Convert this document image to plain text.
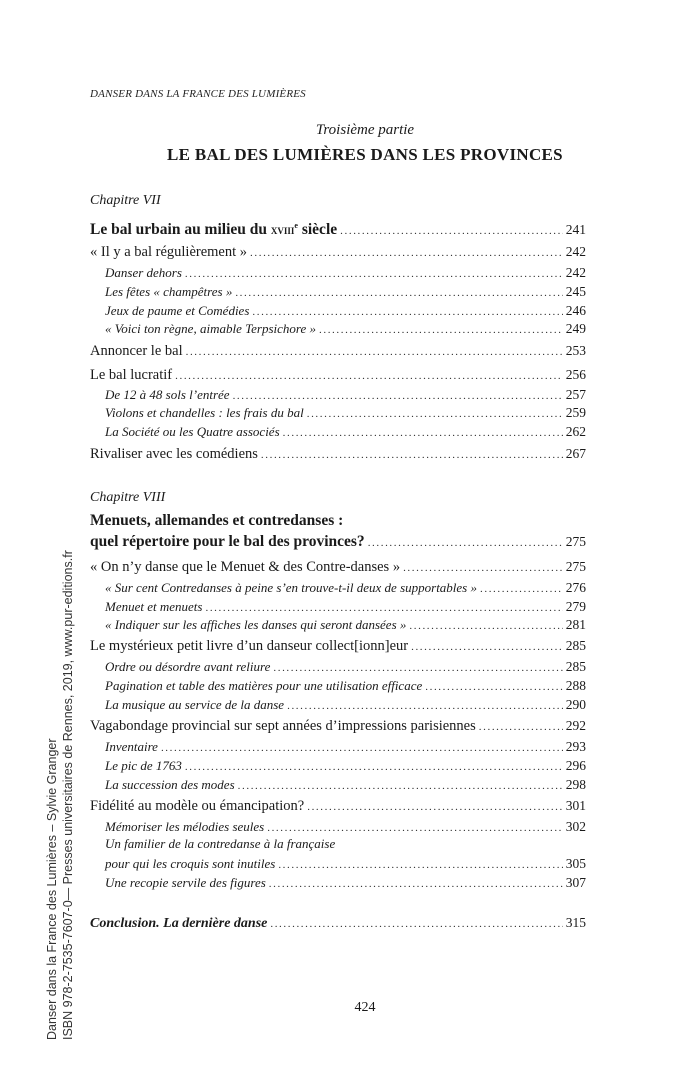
DANSER DANS LA FRANCE DES LUMIÈRES
Troisième partie
LE BAL DES LUMIÈRES DANS LES PROVINCES
Chapitre VII
Le bal urbain au milieu du xviii$^e$ siècle .....	241
« Il y a bal régulièrement » .....	242
Danser dehors .....	242
Les fêtes « champêtres » .....	245
Jeux de paume et Comédies .....	246
« Voici ton règne, aimable Terpsichore » .....	249
Annoncer le bal .....	253
Le bal lucratif .....	256
De 12 à 48 sols l’entrée .....	257
Violons et chandelles : les frais du bal .....	259
La Société ou les Quatre associés .....	262
Rivaliser avec les comédiens .....	267
Chapitre VIII
Menuets, allemandes et contredanses :
quel répertoire pour le bal des provinces? .....	275
« On n’y danse que le Menuet & des Contre-danses » .....	275
« Sur cent Contredanses à peine s’en trouve-t-il deux de supportables » .....	276
Menuet et menuets .....	279
« Indiquer sur les affiches les danses qui seront dansées » .....	281
Le mystérieux petit livre d’un danseur collect[ionn]eur .....	285
Ordre ou désordre avant reliure .....	285
Pagination et table des matières pour une utilisation efficace .....	288
La musique au service de la danse .....	290
Vagabondage provincial sur sept années d’impressions parisiennes .....	292
Inventaire .....	293
Le pic de 1763 .....	296
La succession des modes .....	298
Fidélité au modèle ou émancipation? .....	301
Mémoriser les mélodies seules .....	302
Un familier de la contredanse à la française
pour qui les croquis sont inutiles .....	305
Une recopie servile des figures .....	307
Conclusion. La dernière danse .....	315
424
Danser dans la France des Lumières – Sylvie Granger ISBN 978-2-7535-7607-0— Presses universitaires de Rennes, 2019, www.pur-editions.fr
